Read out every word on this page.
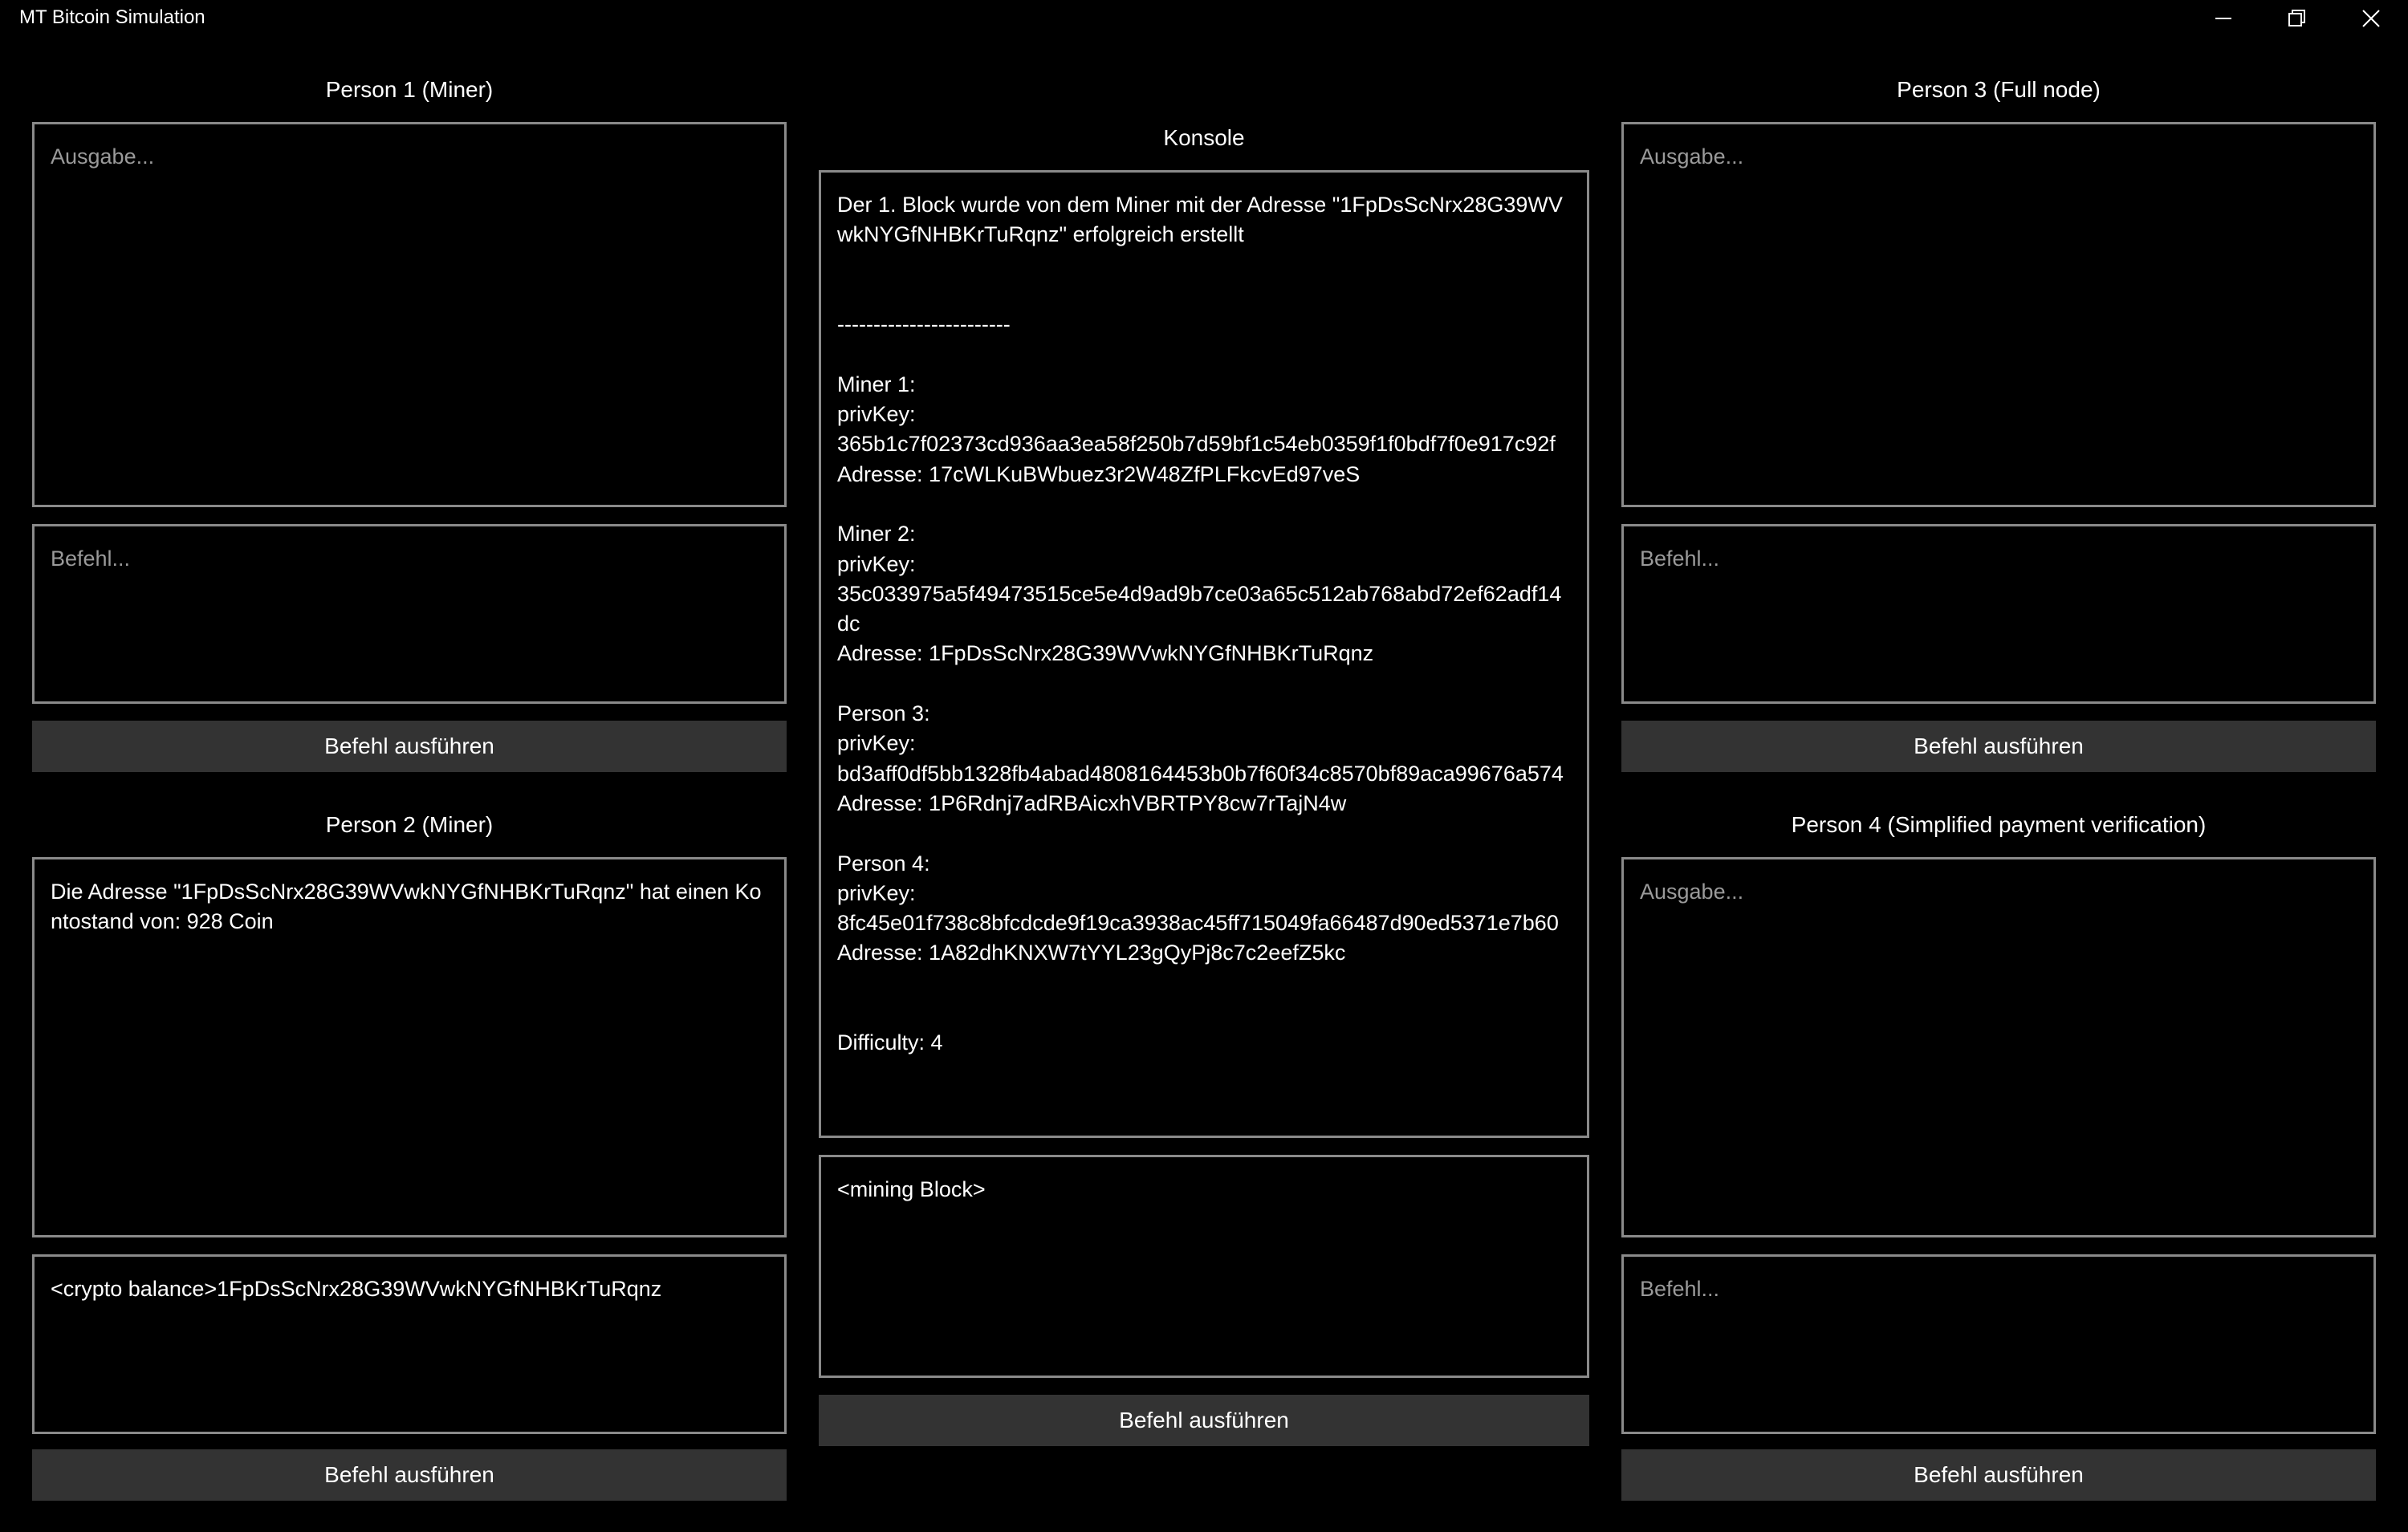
MT Bitcoin Simulation
Person 1 (Miner)
Ausgabe...
Befehl...
Befehl ausführen
Person 2 (Miner)
Die Adresse "1FpDsScNrx28G39WVwkNYGfNHBKrTuRqnz" hat einen Kontostand von: 928 Coin
<crypto balance>1FpDsScNrx28G39WVwkNYGfNHBKrTuRqnz
Befehl ausführen
Konsole
Der 1. Block wurde von dem Miner mit der Adresse "1FpDsScNrx28G39WVwkNYGfNHBKrTuRqnz" erfolgreich erstellt

------------------------

Miner 1:
privKey:
365b1c7f02373cd936aa3ea58f250b7d59bf1c54eb0359f1f0bdf7f0e917c92f
Adresse: 17cWLKuBWbuez3r2W48ZfPLFkcvEd97veS

Miner 2:
privKey:
35c033975a5f49473515ce5e4d9ad9b7ce03a65c512ab768abd72ef62adf14dc
Adresse: 1FpDsScNrx28G39WVwkNYGfNHBKrTuRqnz

Person 3:
privKey:
bd3aff0df5bb1328fb4abad4808164453b0b7f60f34c8570bf89aca99676a574
Adresse: 1P6Rdnj7adRBAicxhVBRTPY8cw7rTajN4w

Person 4:
privKey:
8fc45e01f738c8bfcdcde9f19ca3938ac45ff715049fa66487d90ed5371e7b60
Adresse: 1A82dhKNXW7tYYL23gQyPj8c7c2eefZ5kc

Difficulty: 4
<mining Block>
Befehl ausführen
Person 3 (Full node)
Ausgabe...
Befehl...
Befehl ausführen
Person 4 (Simplified payment verification)
Ausgabe...
Befehl...
Befehl ausführen
